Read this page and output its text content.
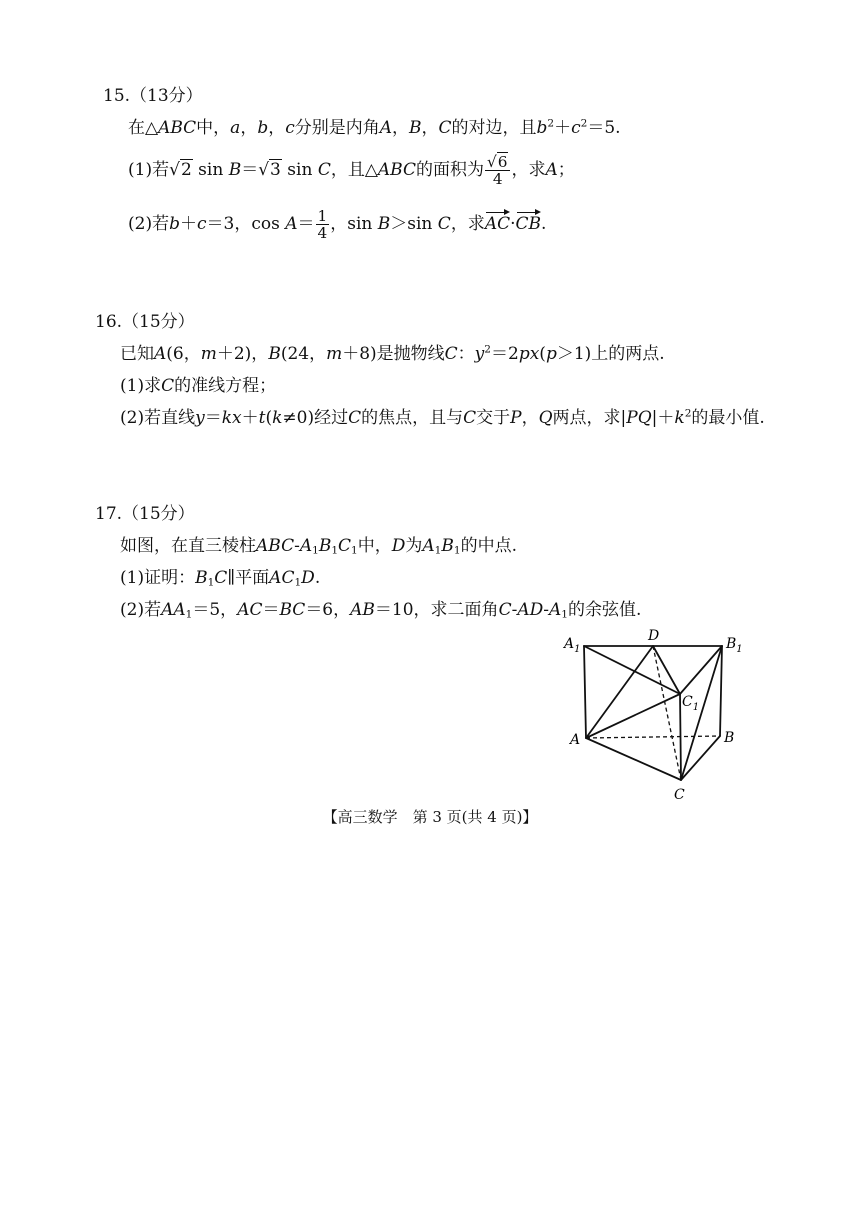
15.（13分）
在△ABC中，a，b，c分别是内角A，B，C的对边，且$b^2+c^2=5$.
(1)若√2 sin B＝√3 sin C，且△ABC的面积为 $\frac{√6}{4}$ ，求A；
(2)若b＋c＝3，$\cos A= \frac{1}{4}$ ，sin B＞sin C，求AC·CB.
16.（15分）
已知A(6，m＋2)，B(24，m＋8)是抛物线C：$y^2=2px(p>1)$上的两点.
(1)求C的准线方程；
(2)若直线y＝kx＋t(k≠0)经过C的焦点，且与C交于P，Q两点，求$|PQ|+k^2$的最小值.
17.（15分）
如图，在直三棱柱ABC-$A_1B_1C_1$中，D为$A_1B_1$的中点.
(1)证明：$B_1C\parallel$平面$AC_1D$.
(2)若$AA_1=5$，AC＝BC＝6，AB＝10，求二面角$C-AD-A_1$的余弦值.
$A_1$
D	$B_1$
$C_1$
A	B
C
【高三数学　第 3 页(共 4 页)】
